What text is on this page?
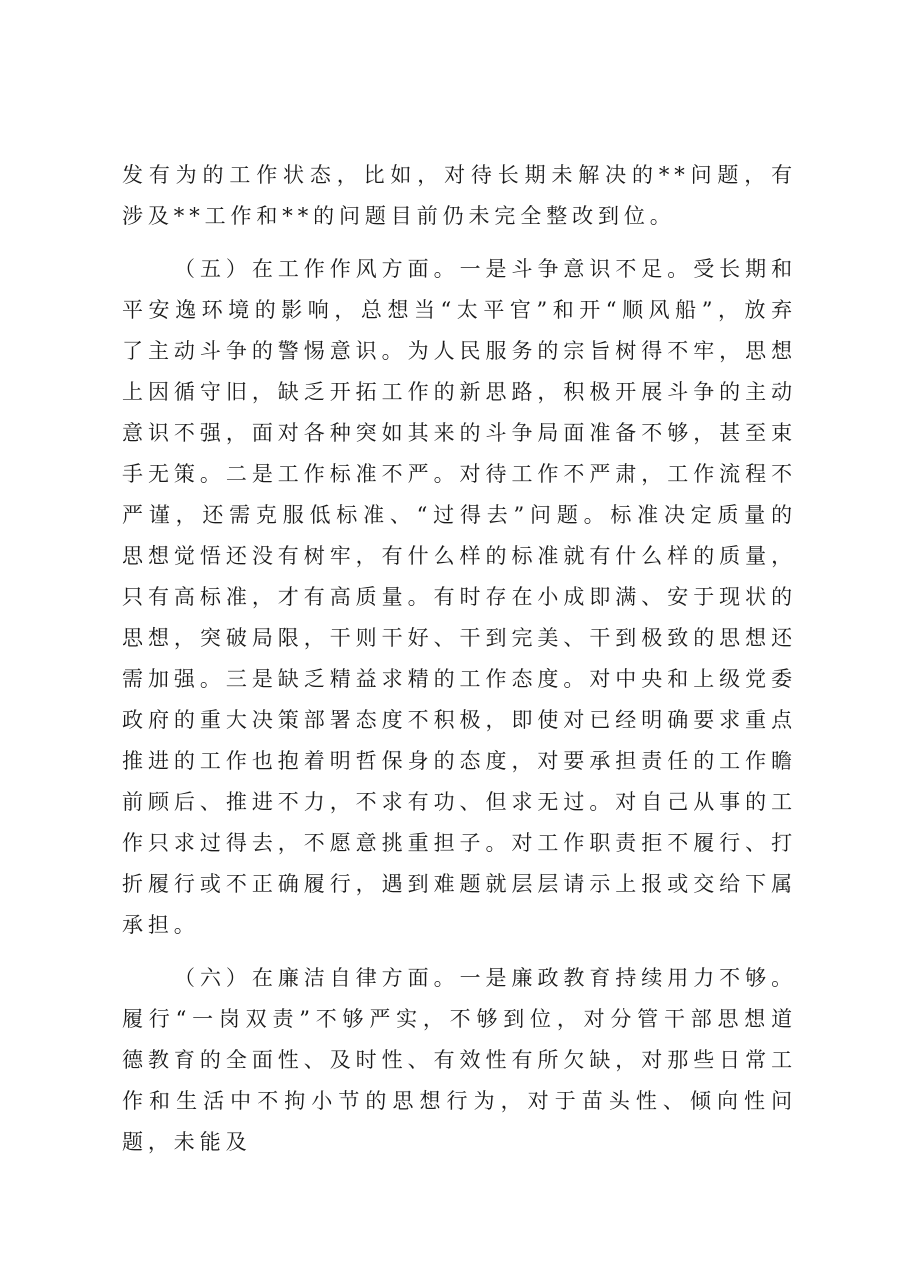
发有为的工作状态，比如，对待长期未解决的**问题，有涉及**工作和**的问题目前仍未完全整改到位。

（五）在工作作风方面。一是斗争意识不足。受长期和平安逸环境的影响，总想当“太平官”和开“顺风船”，放弃了主动斗争的警惕意识。为人民服务的宗旨树得不牢，思想上因循守旧，缺乏开拓工作的新思路，积极开展斗争的主动意识不强，面对各种突如其来的斗争局面准备不够，甚至束手无策。二是工作标准不严。对待工作不严肃，工作流程不严谨，还需克服低标准、“过得去”问题。标准决定质量的思想觉悟还没有树牢，有什么样的标准就有什么样的质量，只有高标准，才有高质量。有时存在小成即满、安于现状的思想，突破局限，干则干好、干到完美、干到极致的思想还需加强。三是缺乏精益求精的工作态度。对中央和上级党委政府的重大决策部署态度不积极，即使对已经明确要求重点推进的工作也抱着明哲保身的态度，对要承担责任的工作瞻前顾后、推进不力，不求有功、但求无过。对自己从事的工作只求过得去，不愿意挑重担子。对工作职责拒不履行、打折履行或不正确履行，遇到难题就层层请示上报或交给下属承担。

（六）在廉洁自律方面。一是廉政教育持续用力不够。履行“一岗双责”不够严实，不够到位，对分管干部思想道德教育的全面性、及时性、有效性有所欠缺，对那些日常工作和生活中不拘小节的思想行为，对于苗头性、倾向性问题，未能及
